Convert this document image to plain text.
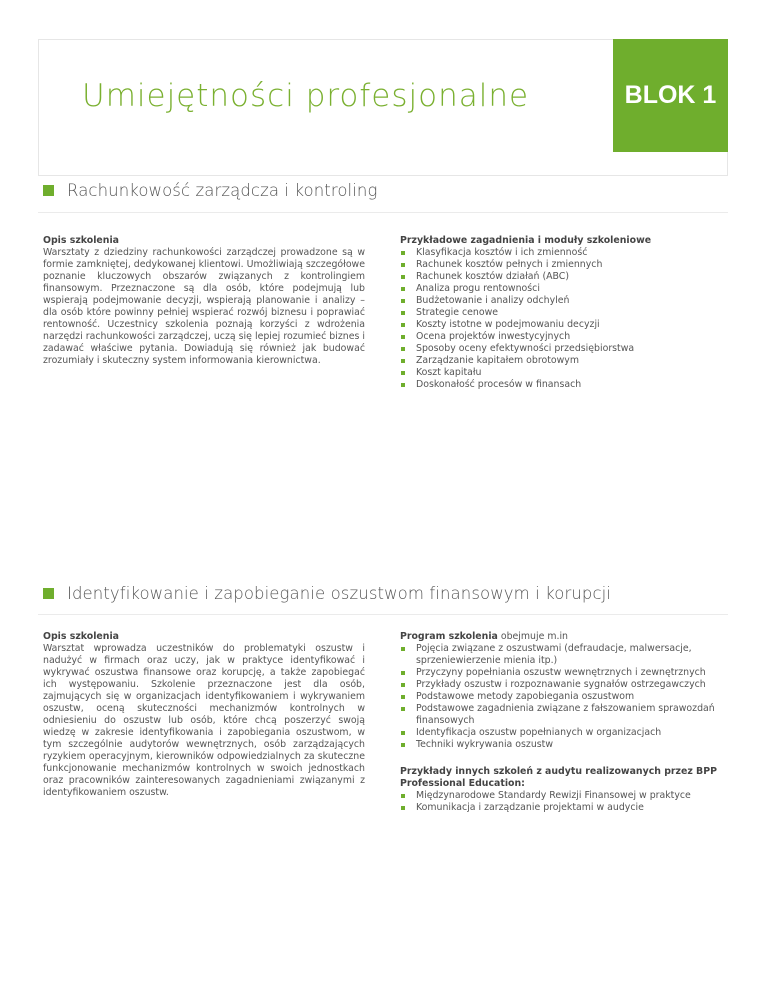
Umiejętności profesjonalne	BLOK 1
Rachunkowość zarządcza i kontroling
Opis szkolenia

Warsztaty z dziedziny rachunkowości zarządczej prowadzone są w formie zamkniętej, dedykowanej klientowi. Umożliwiają szczegółowe poznanie kluczowych obszarów związanych z kontrolingiem finansowym. Przeznaczone są dla osób, które podejmują lub wspierają podejmowanie decyzji, wspierają planowanie i analizy – dla osób które powinny pełniej wspierać rozwój biznesu i poprawiać rentowność. Uczestnicy szkolenia poznają korzyści z wdrożenia narzędzi rachunkowości zarządczej, uczą się lepiej rozumieć biznes i zadawać właściwe pytania. Dowiadują się również jak budować zrozumiały i skuteczny system informowania kierownictwa.

Przykładowe zagadnienia i moduły szkoleniowe
Klasyfikacja kosztów i ich zmienność
Rachunek kosztów pełnych i zmiennych
Rachunek kosztów działań (ABC)
Analiza progu rentowności
Budżetowanie i analizy odchyleń
Strategie cenowe
Koszty istotne w podejmowaniu decyzji
Ocena projektów inwestycyjnych
Sposoby oceny efektywności przedsiębiorstwa
Zarządzanie kapitałem obrotowym
Koszt kapitału
Doskonałość procesów w finansach
Identyfikowanie i zapobieganie oszustwom finansowym i korupcji
Opis szkolenia

Warsztat wprowadza uczestników do problematyki oszustw i nadużyć w firmach oraz uczy, jak w praktyce identyfikować i wykrywać oszustwa finansowe oraz korupcję, a także zapobiegać ich występowaniu. Szkolenie przeznaczone jest dla osób, zajmujących się w organizacjach identyfikowaniem i wykrywaniem oszustw, oceną skuteczności mechanizmów kontrolnych w odniesieniu do oszustw lub osób, które chcą poszerzyć swoją wiedzę w zakresie identyfikowania i zapobiegania oszustwom, w tym szczególnie audytorów wewnętrznych, osób zarządzających ryzykiem operacyjnym, kierowników odpowiedzialnych za skuteczne funkcjonowanie mechanizmów kontrolnych w swoich jednostkach oraz pracowników zainteresowanych zagadnieniami związanymi z identyfikowaniem oszustw.

Program szkolenia obejmuje m.in
Pojęcia związane z oszustwami (defraudacje, malwersacje, sprzeniewierzenie mienia itp.)
Przyczyny popełniania oszustw wewnętrznych i zewnętrznych
Przykłady oszustw i rozpoznawanie sygnałów ostrzegawczych
Podstawowe metody zapobiegania oszustwom
Podstawowe zagadnienia związane z fałszowaniem sprawozdań finansowych
Identyfikacja oszustw popełnianych w organizacjach
Techniki wykrywania oszustw
Przykłady innych szkoleń z audytu realizowanych przez BPP Professional Education:
Międzynarodowe Standardy Rewizji Finansowej w praktyce
Komunikacja i zarządzanie projektami w audycie
